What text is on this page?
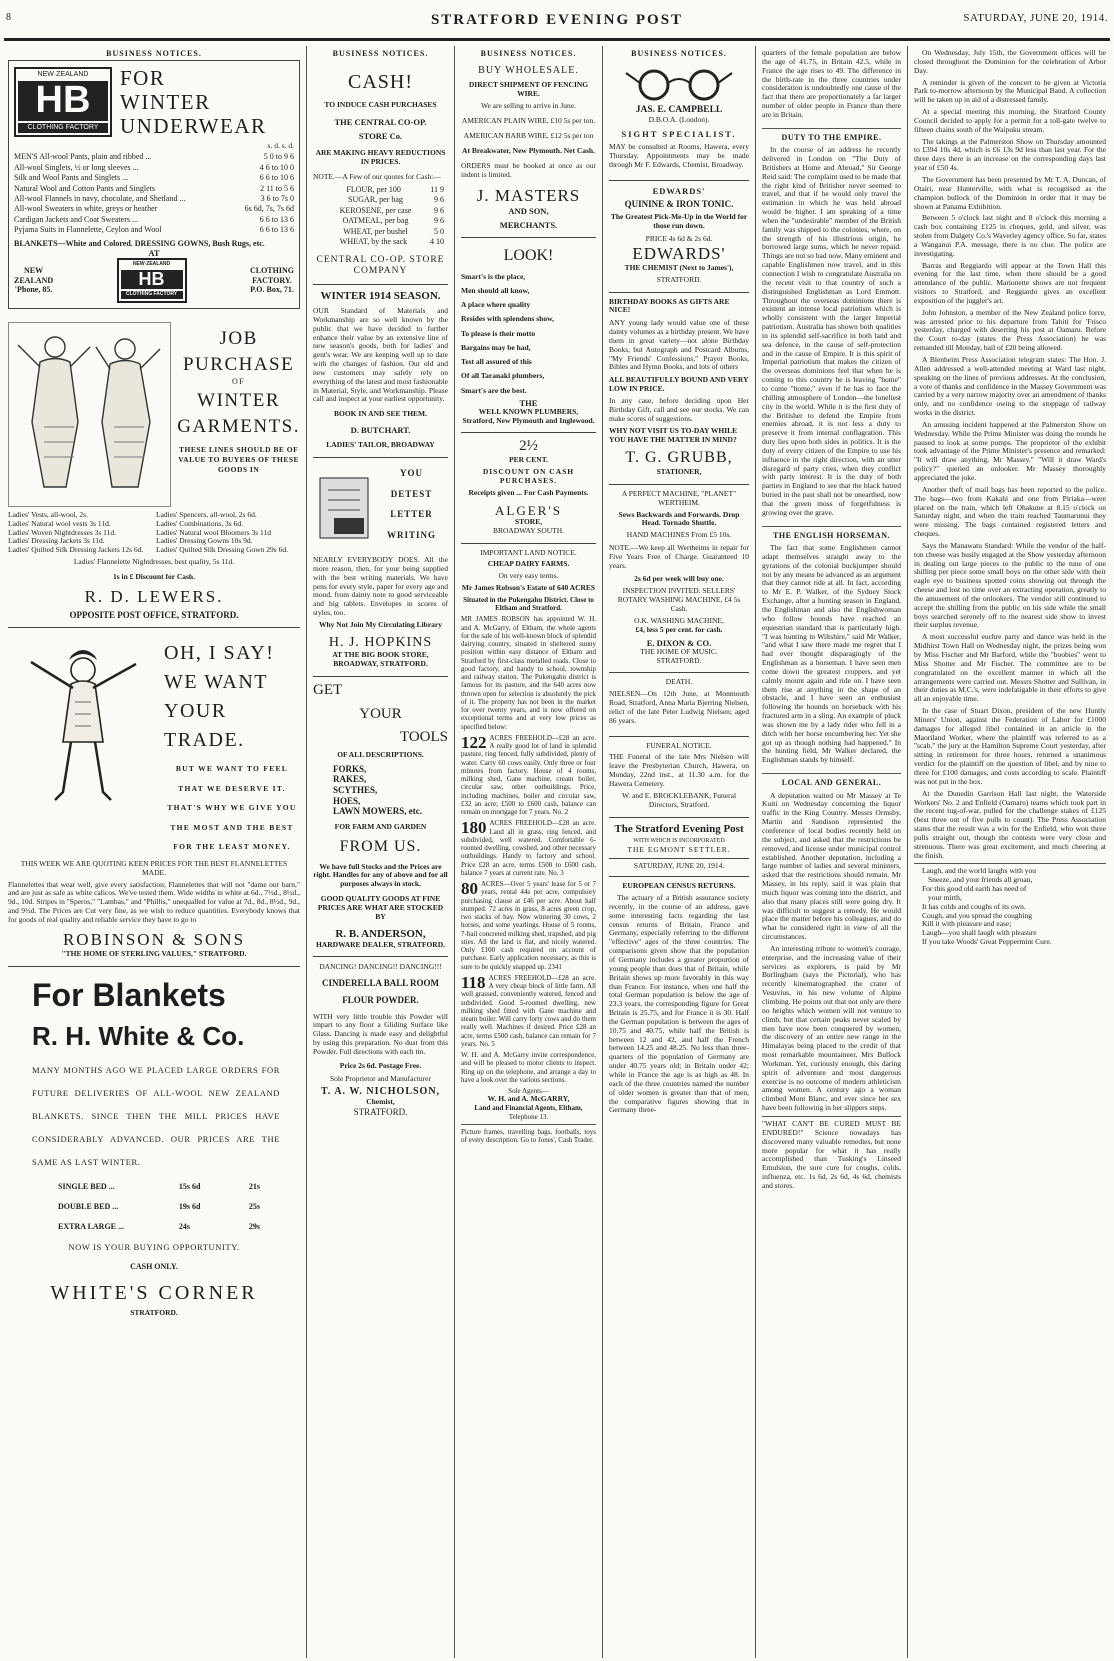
8	STRATFORD EVENING POST	SATURDAY, JUNE 20, 1914.
BUSINESS NOTICES.
NEW·ZEALAND
HB
CLOTHING FACTORY
FOR
WINTER
UNDERWEAR
s. d. s. d.
MEN'S All-wool Pants, plain and ribbed ...	5 0 to 9 6
All-wool Singlets, ½ or long sleeves ...	4 6 to 10 0
Silk and Wool Pants and Singlets ...	6 6 to 10 6
Natural Wool and Cotton Pants and Singlets	2 11 to 5 6
All-wool Flannels in navy, chocolate, and Shetland ...	3 6 to 7s 0
All-wool Sweaters in white, greys or heather	6s 6d, 7s, 7s 6d
Cardigan Jackets and Coat Sweaters ...	6 6 to 13 6
Pyjama Suits in Flannelette, Ceylon and Wool	6 6 to 13 6
BLANKETS—White and Colored. DRESSING GOWNS, Bush Rugs, etc.
AT
NEW
ZEALAND
'Phone, 85.
NEW·ZEALAND
HB
CLOTHING FACTORY
CLOTHING
FACTORY.
P.O. Box, 71.
JOB
PURCHASE
OF
WINTER
GARMENTS.
THESE LINES SHOULD BE OF VALUE TO BUYERS OF THESE GOODS IN
Ladies' Vests, all-wool, 2s.
Ladies' Natural wool vests 3s 11d.
Ladies' Woven Nightdresses 3s 11d.
Ladies' Dressing Jackets 3s 11d.
Ladies' Quilted Silk Dressing Jackets 12s 6d.
Ladies' Spencers, all-wool, 2s 6d.
Ladies' Combinations, 3s 6d.
Ladies' Natural wool Bloomers 3s 11d
Ladies' Dressing Gowns 10s 9d.
Ladies' Quilted Silk Dressing Gown 29s 6d.
Ladies' Flannelette Nightdresses, best quality, 5s 11d.
1s in £ Discount for Cash.
R. D. LEWERS.
OPPOSITE POST OFFICE, STRATFORD.
OH, I SAY!
WE WANT
YOUR TRADE.
BUT WE WANT TO FEEL THAT WE DESERVE IT. THAT'S WHY WE GIVE YOU THE MOST AND THE BEST FOR THE LEAST MONEY.
THIS WEEK WE ARE QUOTING KEEN PRICES FOR THE BEST FLANNELETTES MADE.
Flannelettes that wear well, give every satisfaction; Flannelettes that will not "dame our barn," and are just as safe as white calicos. We've tested them. Wide widths in white at 6d., 7½d., 8½d., 9d., 10d. Stripes in "Speros," "Lambas," and "Phillis," unequalled for value at 7d., 8d., 8½d., 9d., and 9½d. The Prices are Cut very fine, as we wish to reduce quantities. Everybody knows that for goods of real quality and reliable service they have to go to
ROBINSON & SONS
"THE HOME OF STERLING VALUES," STRATFORD.
For Blankets
R. H. White & Co.
MANY MONTHS AGO WE PLACED LARGE ORDERS FOR FUTURE DELIVERIES OF ALL-WOOL NEW ZEALAND BLANKETS. SINCE THEN THE MILL PRICES HAVE CONSIDERABLY ADVANCED. OUR PRICES ARE THE SAME AS LAST WINTER.
SINGLE BED ...	15s 6d	21s
DOUBLE BED ...	19s 6d	25s
EXTRA LARGE ...	24s	29s
NOW IS YOUR BUYING OPPORTUNITY.
CASH ONLY.
WHITE'S CORNER
STRATFORD.
BUSINESS NOTICES.
CASH!
TO INDUCE CASH PURCHASES
THE CENTRAL CO-OP.
STORE Co.
ARE MAKING HEAVY REDUCTIONS IN PRICES.
NOTE.—A Few of our quotes for Cash:—
FLOUR, per 100	11 9
SUGAR, per bag	9 6
KEROSENE, per case	9 6
OATMEAL, per bag	9 6
WHEAT, per bushel	5 0
WHEAT, by the sack	4 10
CENTRAL CO-OP. STORE COMPANY
WINTER 1914 SEASON.
OUR Standard of Materials and Workmanship are so well known by the public that we have decided to further enhance their value by an extensive line of new season's goods, both for ladies' and gent's wear. We are keeping well up to date with the changes of fashion. Our old and new customers may safely rely on everything of the latest and most fashionable in Material, Style, and Workmanship. Please call and inspect at your earliest opportunity.
BOOK IN AND SEE THEM.
D. BUTCHART.
LADIES' TAILOR, BROADWAY
YOU
DETEST
LETTER
WRITING
NEARLY EVERYBODY DOES. All the more reason, then, for your being supplied with the best writing materials. We have pens for every style, paper for every age and mood, from dainty note to good serviceable and big tablets. Envelopes in scores of styles, too.
Why Not Join My Circulating Library
H. J. HOPKINS
AT THE BIG BOOK STORE, BROADWAY, STRATFORD.
GET
YOUR
TOOLS
OF ALL DESCRIPTIONS.
FORKS,
RAKES,
SCYTHES,
HOES,
LAWN MOWERS, etc.
FOR FARM AND GARDEN
FROM US.
We have full Stocks and the Prices are right. Handles for any of above and for all purposes always in stock.
GOOD QUALITY GOODS AT FINE PRICES ARE WHAT ARE STOCKED BY
R. B. ANDERSON,
HARDWARE DEALER, STRATFORD.
DANCING! DANCING!! DANCING!!!
CINDERELLA BALL ROOM FLOUR POWDER.
WITH very little trouble this Powder will impart to any floor a Gliding Surface like Glass. Dancing is made easy and delightful by using this preparation. No dust from this Powder. Full directions with each tin.
Price 2s 6d. Postage Free.
Sole Proprietor and Manufacturer
T. A. W. NICHOLSON,
Chemist,
STRATFORD.
BUSINESS NOTICES.
BUY WHOLESALE.
DIRECT SHIPMENT OF FENCING WIRE.
We are selling to arrive in June.
AMERICAN PLAIN WIRE, £10 5s per ton.
AMERICAN BARB WIRE, £12 5s per ton
At Breakwater, New Plymouth. Net Cash.
ORDERS must be booked at once as our indent is limited.
J. MASTERS
AND SON,
MERCHANTS.
LOOK!
Smart's is the place,
Men should all know,
A place where quality
Resides with splendens show,
To please is their motto
Bargains may be had,
Test all assured of this
Of all Taranaki plumbers,
Smart's are the best.
THE
WELL KNOWN PLUMBERS,
Stratford, New Plymouth and Inglewood.
2½
PER CENT.
DISCOUNT ON CASH PURCHASES.
Receipts given ... For Cash Payments.
ALGER'S
STORE,
BROADWAY SOUTH.
IMPORTANT LAND NOTICE.
CHEAP DAIRY FARMS.
On very easy terms.
Mr James Robson's Estate of 640 ACRES
Situated in the Pukengahu District. Close to Eltham and Stratford.
MR JAMES ROBSON has appointed W. H. and A. McGarry, of Eltham, the whole agents for the sale of his well-known block of splendid dairying country, situated in sheltered sunny position within easy distance of Eltham and Stratford by first-class metalled roads. Close to good factory, and handy to school, township and railway station. The Pukengahu district is famous for its pasture, and the 640 acres now thrown open for selection is absolutely the pick of it. The property has not been in the market for over twenty years, and is now offered on exceptional terms and at very low prices as specified below:
122 ACRES FREEHOLD—£28 an acre. A really good lot of land in splendid pasture, ring fenced, fully subdivided, plenty of water. Carry 60 cows easily. Only three or four minutes from factory. House of 4 rooms, milking shed, Gane machine, cream boiler, circular saw, other outbuildings. Price, including machines, boiler and circular saw, £32 an acre; £500 to £600 cash, balance can remain on mortgage for 7 years. No. 2
180 ACRES FREEHOLD—£28 an acre. Land all in grass, ring fenced, and subdivided, well watered. Comfortable 6-roomed dwelling, cowshed, and other necessary outbuildings. Handy to factory and school. Price £28 an acre, terms £500 to £600 cash, balance 7 years at current rate. No. 3
80 ACRES—Over 5 years' lease for 5 or 7 years, rental 44s per acre, compulsory purchasing clause at £46 per acre. About half stumped. 72 acres in grass, 8 acres green crop, two stacks of hay. Now wintering 30 cows, 2 horses, and some yearlings. House of 5 rooms, 7-bail concreted milking shed, trapshed, and pig sties. All the land is flat, and nicely watered. Only £100 cash required on account of purchase. Early application necessary, as this is sure to be quickly snapped up. 2341
118 ACRES FREEHOLD—£28 an acre. A very cheap block of little farm. All well grassed, conveniently watered, fenced and subdivided. Good 5-roomed dwelling, new milking shed fitted with Gane machine and steam boiler. Will carry forty cows and do them really well. Machines if desired. Price £28 an acre, terms £500 cash, balance can remain for 7 years. No. 5
W. H. and A. McGarry invite correspondence, and will be pleased to motor clients to inspect. Ring up on the telephone, and arrange a day to have a look over the various sections.
Sole Agents—
W. H. and A. McGARRY,
Land and Financial Agents, Eltham,
Telephone 13.
Picture frames, travelling bags, footballs, toys of every description. Go to Jones', Cash Trader.
BUSINESS NOTICES.
JAS. E. CAMPBELL
D.B.O.A. (London).
SIGHT SPECIALIST.
MAY be consulted at Rooms, Hawera, every Thursday. Appointments may be made through Mr F. Edwards, Chemist, Broadway.
EDWARDS'
QUININE & IRON TONIC.
The Greatest Pick-Me-Up in the World for those run down.
PRICE 4s 6d & 2s 6d.
EDWARDS'
THE CHEMIST (Next to James'),
STRATFORD.
BIRTHDAY BOOKS AS GIFTS ARE NICE!
ANY young lady would value one of these dainty volumes as a birthday present. We have them in great variety—not alone Birthday Books, but Autograph and Postcard Albums, "My Friends' Confessions," Prayer Books, Bibles and Hymn Books, and lots of others
ALL BEAUTIFULLY BOUND AND VERY LOW IN PRICE.
In any case, before deciding upon Her Birthday Gift, call and see our stocks. We can make scores of suggestions.
WHY NOT VISIT US TO-DAY WHILE YOU HAVE THE MATTER IN MIND?
T. G. GRUBB,
STATIONER,
A PERFECT MACHINE, "PLANET" WERTHEIM.
Sews Backwards and Forwards. Drop Head. Tornado Shuttle.
HAND MACHINES From £5 10s.
NOTE.—We keep all Wertheims in repair for Five Years Free of Charge. Guaranteed 10 years.
2s 6d per week will buy one.
INSPECTION INVITED. SELLERS' ROTARY WASHING MACHINE, £4 5s Cash.
O.K. WASHING MACHINE,
£4, less 5 per cent. for cash.
E. DIXON & CO.
THE HOME OF MUSIC.
STRATFORD.
DEATH.
NIELSEN—On 12th June, at Monmouth Road, Stratford, Anna Maria Bjerring Nielsen, relict of the late Peter Ludwig Nielsen; aged 86 years.
FUNERAL NOTICE.
THE Funeral of the late Mrs Nielsen will leave the Presbyterian Church, Hawera, on Monday, 22nd inst., at 11.30 a.m. for the Hawera Cemetery.
W. and E. BROCKLEBANK, Funeral Directors, Stratford.
The Stratford Evening Post
WITH WHICH IS INCORPORATED
THE EGMONT SETTLER.
SATURDAY, JUNE 20, 1914.
EUROPEAN CENSUS RETURNS.
The actuary of a British assurance society recently, in the course of an address, gave some interesting facts regarding the last census returns of Britain, France and Germany, especially referring to the different "effective" ages of the three countries. The comparisons given show that the population of Germany includes a greater proportion of young people than does that of Britain, while Britain shows up more favorably in this way than France. For instance, when one half the total German population is below the age of 23.3 years, the corresponding figure for Great Britain is 25.75, and for France it is 30. Half the German population is between the ages of 10.75 and 40.75, while half the British is between 12 and 42, and half the French between 14.25 and 48.25. No less than three-quarters of the population of Germany are under 40.75 years old; in Britain under 42; while in France the age is as high as 48. In each of the three countries named the number of older women is greater than that of men, the comparative figures showing that in Germany three-
quarters of the female population are below the age of 41.75, in Britain 42.5, while in France the age rises to 49. The difference in the birth-rate in the three countries under consideration is undoubtedly one cause of the fact that there are proportionately a far larger number of older people in France than there are in Britain.
DUTY TO THE EMPIRE.
In the course of an address he recently delivered in London on "The Duty of Britishers at Home and Abroad," Sir George Reid said: The complaint used to be made that the right kind of Britisher never seemed to travel, and that if he would only travel the estimation in which he was held abroad would be higher. I am speaking of a time when the "undesirable" member of the British family was shipped to the colonies, where, on the strength of his illustrious origin, he borrowed large sums, which he never repaid. Things are not so bad now. Many eminent and capable Englishmen now travel, and in this connection I wish to congratulate Australia on the recent visit to that country of such a distinguished Englishman as Lord Emmott. Throughout the overseas dominions there is existent an intense local patriotism which is wholly consistent with the larger Imperial patriotism. Australia has shown both qualities in its splendid self-sacrifice in both land and sea defence, in the cause of self-protection and in the cause of Empire. It is this spirit of Imperial patriotism that makes the citizen of the overseas dominions feel that when he is coming to this country he is leaving "home" to come "home," even if he has to face the chilling atmosphere of London—the loneliest city in the world. While it is the first duty of the Britisher to defend the Empire from enemies abroad, it is not less a duty to preserve it from internal conflagration. This duty lies upon both sides in politics. It is the duty of every citizen of the Empire to use his influence in the right direction, with an utter disregard of party cries, when they conflict with party interest. It is the duty of both parties in England to see that the black hatred buried in the past shall not be unearthed, now that the green moss of forgetfulness is growing over the grave.
THE ENGLISH HORSEMAN.
The fact that some Englishmen cannot adapt themselves straight away to the gyrations of the colonial buckjumper should not by any means be advanced as an argument that they cannot ride at all. In fact, according to Mr E. P. Walker, of the Sydney Stock Exchange, after a hunting season in England, the Englishman and also the Englishwoman who follow hounds have reached an equestrian standard that is particularly high. "I was hunting in Wiltshire," said Mr Walker, "and what I saw there made me regret that I had ever thought disparagingly of the Englishman as a horseman. I have seen men come down the greatest croppers, and yet calmly mount again and ride on. I have seen them rise at anything in the shape of an obstacle, and I have seen an enthusiast following the hounds on horseback with his fractured arm in a sling. An example of pluck was shown me by a lady rider who fell in a ditch with her horse encumbering her. Yet she got up as though nothing had happened." In the hunting field, Mr Walker declared, the Englishman stands by himself.
LOCAL AND GENERAL.
A deputation waited on Mr Massey at Te Kuiti on Wednesday concerning the liquor traffic in the King Country. Messrs Ormsby, Martin and Sandison represented the conference of local bodies recently held on the subject, and asked that the restrictions be removed, and license under municipal control established. Another deputation, including a large number of ladies and several ministers, asked that the restrictions should remain. Mr Massey, in his reply, said it was plain that much liquor was coming into the district, and also that many places still were going dry. It was difficult to suggest a remedy. He would place the matter before his colleagues, and do what he considered right in view of all the circumstances.
An interesting tribute to women's courage, enterprise, and the increasing value of their services as explorers, is paid by Mr Burlingham (says the Pictorial), who has recently kinematographed the crater of Vesuvius, in his new volume of Alpine climbing. He points out that not only are there no heights which women will not venture to climb, but that certain peaks never scaled by men have now been conquered by women, the discovery of an entire new range in the Himalayas being placed to the credit of that most remarkable mountaineer, Mrs Bullock Workman. Yet, curiously enough, this daring spirit of adventure and most dangerous exercise is no outcome of modern athleticism among women. A century ago a woman climbed Mont Blanc, and ever since her sex have been following in her slippers steps.
"WHAT CAN'T BE CURED MUST BE ENDURED!" Science nowadays has discovered many valuable remedies, but none more popular for what it has really accomplished than Tusking's Linseed Emulsion, the sure cure for coughs, colds, influenza, etc. 1s 6d, 2s 6d, 4s 6d, chemists and stores.
On Wednesday, July 15th, the Government offices will be closed throughout the Dominion for the celebration of Arbor Day.
A reminder is given of the concert to be given at Victoria Park to-morrow afternoon by the Municipal Band. A collection will be taken up in aid of a distressed family.
At a special meeting this morning, the Stratford County Council decided to apply for a permit for a toll-gate twelve to fifteen chains south of the Waipuku stream.
The takings at the Palmerston Show on Thursday amounted to £394 10s 4d, which is £6 13s 9d less than last year. For the three days there is an increase on the corresponding days last year of £50 4s.
The Government has been presented by Mr T. A. Duncan, of Otairi, near Hunterville, with what is recognised as the champion bullock of the Dominion in order that it may be shown at Panama Exhibition.
Between 5 o'clock last night and 8 o'clock this morning a cash box containing £125 in cheques, gold, and silver, was stolen from Dalgety Co.'s Waverley agency office. So far, states a Wanganui P.A. message, there is no clue. The police are investigating.
Barras and Reggiardo will appear at the Town Hall this evening for the last time, when there should be a good attendance of the public. Marionette shows are not frequent visitors to Stratford, and Reggiardo gives an excellent exposition of the juggler's art.
John Johnston, a member of the New Zealand police force, was arrested prior to his departure from Tahiti for 'Frisco yesterday, charged with deserting his post at Oamaru. Before the Court to-day (states the Press Association) he was remanded till Monday, bail of £20 being allowed.
A Blenheim Press Association telegram states: The Hon. J. Allen addressed a well-attended meeting at Ward last night, speaking on the lines of previous addresses. At the conclusion, a vote of thanks and confidence in the Massey Government was carried by a very narrow majority over an amendment of thanks only, and no confidence owing to the stoppage of railway works in the district.
An amusing incident happened at the Palmerston Show on Wednesday. While the Prime Minister was doing the rounds he paused to look at some pumps. The proprietor of the exhibit took advantage of the Prime Minister's presence and remarked: "It will draw anything, Mr Massey." "Will it draw Ward's policy?" queried an onlooker. Mr Massey thoroughly appreciated the joke.
Another theft of mail bags has been reported to the police. The bags—two from Kakahi and one from Piriaka—were placed on the train, which left Ohakune at 8.15 o'clock on Saturday night, and when the train reached Taumarunui they were missing. The bags contained registered letters and cheques.
Says the Manawatu Standard: While the vendor of the half-ton cheese was busily engaged at the Show yesterday afternoon in dealing out large pieces to the public to the tune of one shilling per piece some small boys on the other side with their eagle eye to business spotted coins showing out through the cheese and lost no time over an extracting operation, greatly to the amusement of the onlookers. The vendor still continued to accept the shilling from the public on his side while the small boys searched serenely off to the nearest side show to invest their surplus revenue.
A most successful euchre party and dance was held in the Midhirst Town Hall on Wednesday night, the prizes being won by Miss Fischer and Mr Barford, while the "boobies" went to Miss Shotter and Mr Fischer. The committee are to be congratulated on the excellent manner in which all the arrangements were carried out. Messrs Shotter and Sullivan, in their duties as M.C.'s, were indefatigable in their efforts to give all an enjoyable time.
In the case of Stuart Dixon, president of the new Huntly Miners' Union, against the Federation of Labor for £1000 damages for alleged libel contained in an article in the Maoriland Worker, where the plaintiff was referred to as a "scab," the jury at the Hamilton Supreme Court yesterday, after sitting in retirement for three hours, returned a unanimous verdict for the plaintiff on the question of libel, and by nine to three for £100 damages, and costs according to scale. Plaintiff was not put in the box.
At the Dunedin Garrison Hall last night, the Waterside Workers' No. 2 and Enfield (Oamaru) teams which took part in the recent tug-of-war, pulled for the challenge stakes of £125 (best three out of five pulls to count). The Press Association states that the result was a win for the Enfield, who won three pulls straight out, though the contests were very close and strenuous. There was great excitement, and much cheering at the finish.
Laugh, and the world laughs with you
Sneeze, and your friends all groan,
For this good old earth has need of
your mirth,
It has colds and coughs of its own.
Cough, and you spread the coughing
Kill it with pleasure and ease;
Laugh—you shall laugh with pleasure
If you take Woods' Great Peppermint Cure.
